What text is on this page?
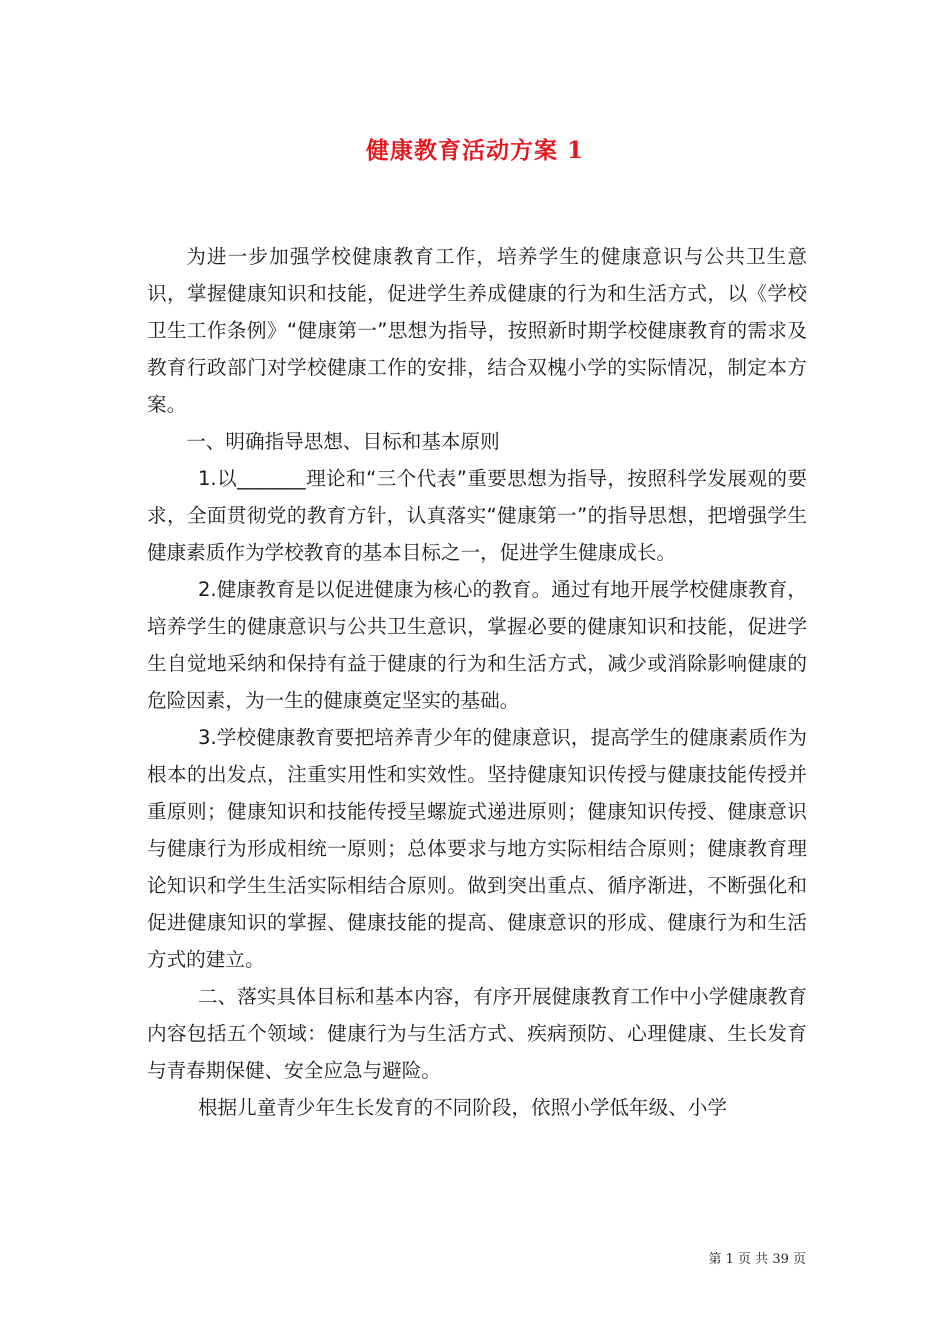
健康教育活动方案 1

为进一步加强学校健康教育工作，培养学生的健康意识与公共卫生意识，掌握健康知识和技能，促进学生养成健康的行为和生活方式，以《学校卫生工作条例》“健康第一”思想为指导，按照新时期学校健康教育的需求及教育行政部门对学校健康工作的安排，结合双槐小学的实际情况，制定本方案。

一、明确指导思想、目标和基本原则

1.以_______理论和“三个代表”重要思想为指导，按照科学发展观的要求，全面贯彻党的教育方针，认真落实“健康第一”的指导思想，把增强学生健康素质作为学校教育的基本目标之一，促进学生健康成长。

2.健康教育是以促进健康为核心的教育。通过有地开展学校健康教育，培养学生的健康意识与公共卫生意识，掌握必要的健康知识和技能，促进学生自觉地采纳和保持有益于健康的行为和生活方式，减少或消除影响健康的危险因素，为一生的健康奠定坚实的基础。

3.学校健康教育要把培养青少年的健康意识，提高学生的健康素质作为根本的出发点，注重实用性和实效性。坚持健康知识传授与健康技能传授并重原则；健康知识和技能传授呈螺旋式递进原则；健康知识传授、健康意识与健康行为形成相统一原则；总体要求与地方实际相结合原则；健康教育理论知识和学生生活实际相结合原则。做到突出重点、循序渐进，不断强化和促进健康知识的掌握、健康技能的提高、健康意识的形成、健康行为和生活方式的建立。

二、落实具体目标和基本内容，有序开展健康教育工作中小学健康教育内容包括五个领域：健康行为与生活方式、疾病预防、心理健康、生长发育与青春期保健、安全应急与避险。

根据儿童青少年生长发育的不同阶段，依照小学低年级、小学

第 1 页 共 39 页
